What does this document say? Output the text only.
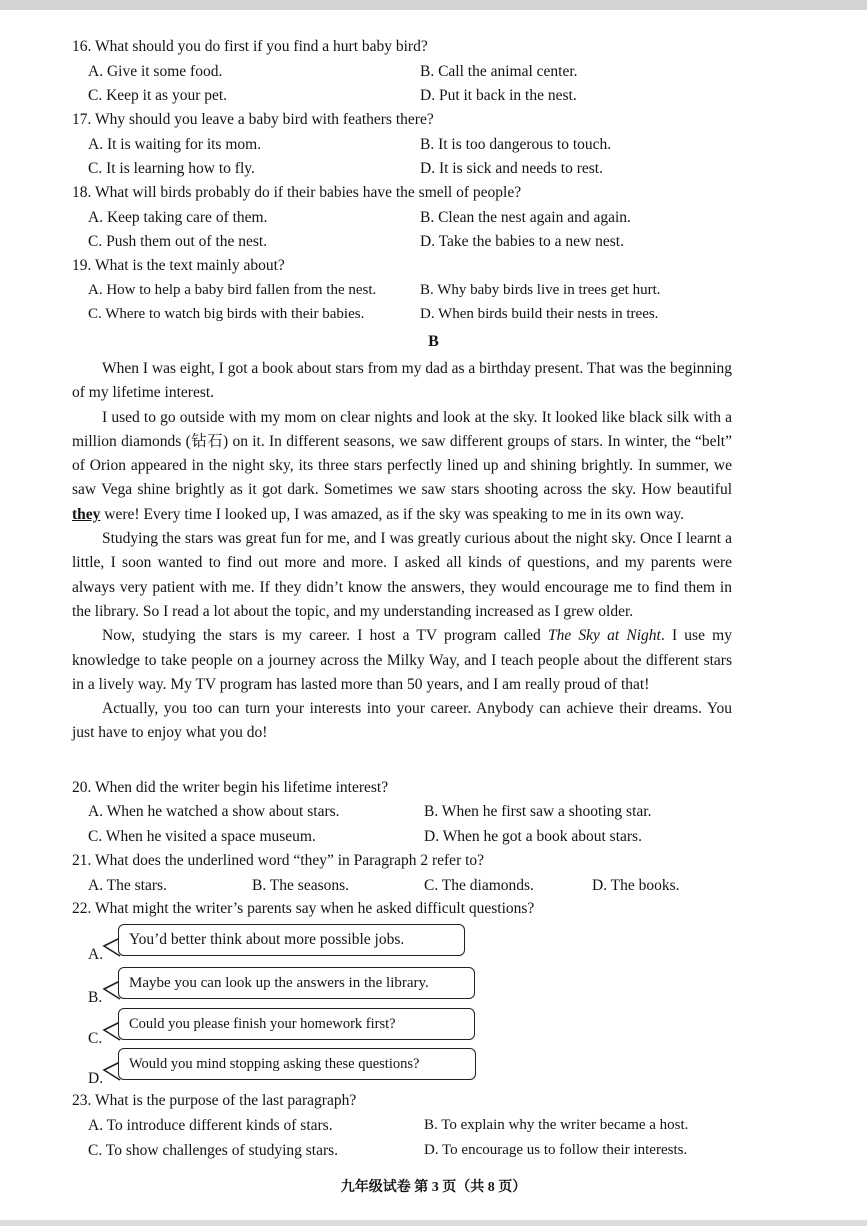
16. What should you do first if you find a hurt baby bird?
A. Give it some food.	B. Call the animal center.
C. Keep it as your pet.	D. Put it back in the nest.
17. Why should you leave a baby bird with feathers there?
A. It is waiting for its mom.	B. It is too dangerous to touch.
C. It is learning how to fly.	D. It is sick and needs to rest.
18. What will birds probably do if their babies have the smell of people?
A. Keep taking care of them.	B. Clean the nest again and again.
C. Push them out of the nest.	D. Take the babies to a new nest.
19. What is the text mainly about?
A. How to help a baby bird fallen from the nest.	B. Why baby birds live in trees get hurt.
C. Where to watch big birds with their babies.	D. When birds build their nests in trees.
B

When I was eight, I got a book about stars from my dad as a birthday present. That was the beginning of my lifetime interest.

I used to go outside with my mom on clear nights and look at the sky. It looked like black silk with a million diamonds (钻石) on it. In different seasons, we saw different groups of stars. In winter, the “belt” of Orion appeared in the night sky, its three stars perfectly lined up and shining brightly. In summer, we saw Vega shine brightly as it got dark. Sometimes we saw stars shooting across the sky. How beautiful they were! Every time I looked up, I was amazed, as if the sky was speaking to me in its own way.

Studying the stars was great fun for me, and I was greatly curious about the night sky. Once I learnt a little, I soon wanted to find out more and more. I asked all kinds of questions, and my parents were always very patient with me. If they didn’t know the answers, they would encourage me to find them in the library. So I read a lot about the topic, and my understanding increased as I grew older.

Now, studying the stars is my career. I host a TV program called The Sky at Night. I use my knowledge to take people on a journey across the Milky Way, and I teach people about the different stars in a lively way. My TV program has lasted more than 50 years, and I am really proud of that!

Actually, you too can turn your interests into your career. Anybody can achieve their dreams. You just have to enjoy what you do!

20. When did the writer begin his lifetime interest?
A. When he watched a show about stars.	B. When he first saw a shooting star.
C. When he visited a space museum.	D. When he got a book about stars.
21. What does the underlined word “they” in Paragraph 2 refer to?
A. The stars.	B. The seasons.	C. The diamonds.	D. The books.
22. What might the writer’s parents say when he asked difficult questions?
A.
You’d better think about more possible jobs.
B.
Maybe you can look up the answers in the library.
C.
Could you please finish your homework first?
D.
Would you mind stopping asking these questions?
23. What is the purpose of the last paragraph?
A. To introduce different kinds of stars.	B. To explain why the writer became a host.
C. To show challenges of studying stars.	D. To encourage us to follow their interests.
九年级试卷 第 3 页（共 8 页）
